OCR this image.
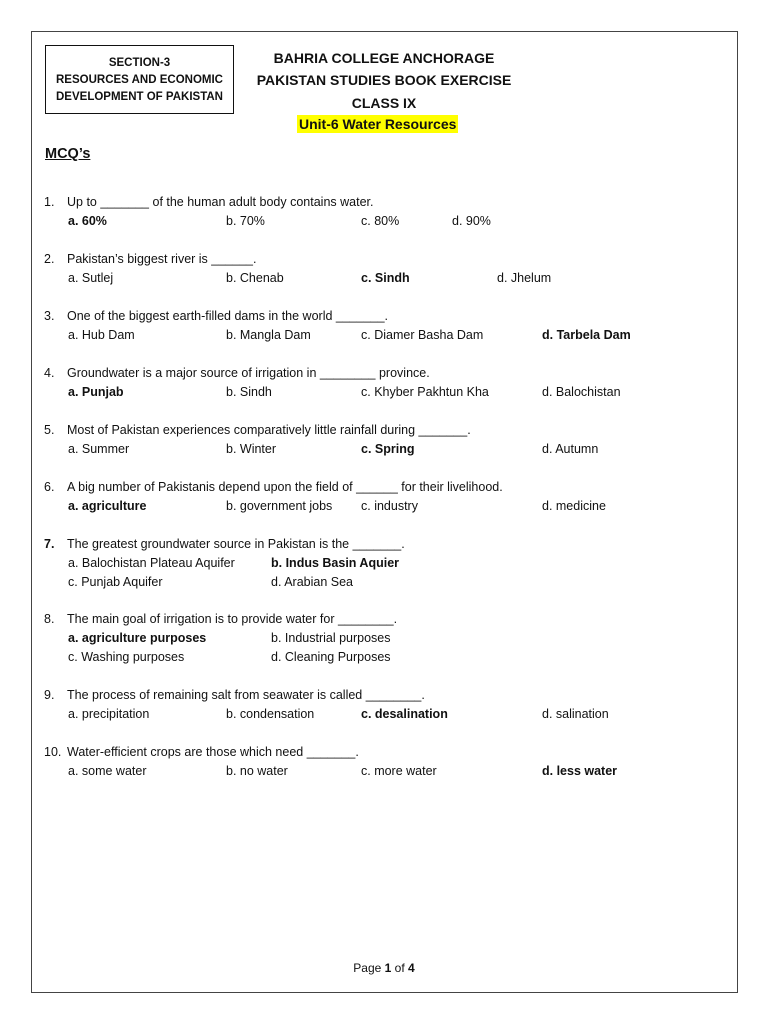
SECTION-3
RESOURCES AND ECONOMIC
DEVELOPMENT OF PAKISTAN
BAHRIA COLLEGE ANCHORAGE
PAKISTAN STUDIES BOOK EXERCISE
CLASS IX
Unit-6 Water Resources
MCQ’s
1. Up to _______ of the human adult body contains water.
a. 60%	b. 70%	c. 80%	d. 90%
2. Pakistan’s biggest river is ______.
a. Sutlej	b. Chenab	c. Sindh	d. Jhelum
3. One of the biggest earth-filled dams in the world _______.
a. Hub Dam	b. Mangla Dam	c. Diamer Basha Dam	d. Tarbela Dam
4. Groundwater is a major source of irrigation in ________ province.
a. Punjab	b. Sindh	c. Khyber Pakhtun Kha	d. Balochistan
5. Most of Pakistan experiences comparatively little rainfall during _______.
a. Summer	b. Winter	c. Spring	d. Autumn
6. A big number of Pakistanis depend upon the field of ______ for their livelihood.
a. agriculture	b. government jobs c. industry	d. medicine
7. The greatest groundwater source in Pakistan is the _______.
a. Balochistan Plateau Aquifer	b. Indus Basin Aquier
c. Punjab Aquifer	d. Arabian Sea
8. The main goal of irrigation is to provide water for ________.
a. agriculture purposes	b. Industrial purposes
c. Washing purposes	d. Cleaning Purposes
9. The process of remaining salt from seawater is called ________.
a. precipitation	b. condensation	c. desalination	d. salination
10. Water-efficient crops are those which need _______.
a. some water	b. no water	c. more water	d. less water
Page 1 of 4
